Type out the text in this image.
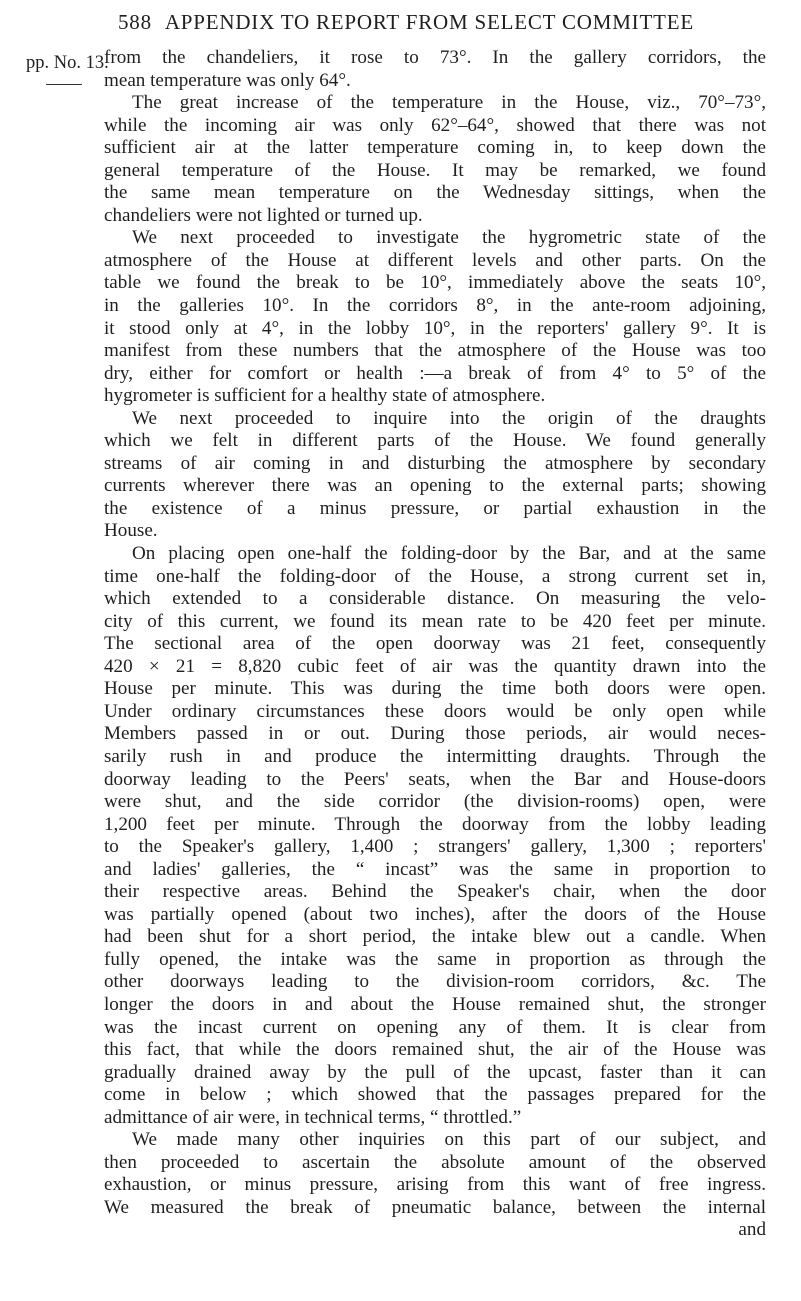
588 APPENDIX TO REPORT FROM SELECT COMMITTEE
pp. No. 13.
from the chandeliers, it rose to 73°. In the gallery corridors, the
mean temperature was only 64°.
The great increase of the temperature in the House, viz., 70°–73°,
while the incoming air was only 62°–64°, showed that there was not
sufficient air at the latter temperature coming in, to keep down the
general temperature of the House. It may be remarked, we found
the same mean temperature on the Wednesday sittings, when the
chandeliers were not lighted or turned up.
We next proceeded to investigate the hygrometric state of the
atmosphere of the House at different levels and other parts. On the
table we found the break to be 10°, immediately above the seats 10°,
in the galleries 10°. In the corridors 8°, in the ante-room adjoining,
it stood only at 4°, in the lobby 10°, in the reporters' gallery 9°. It is
manifest from these numbers that the atmosphere of the House was too
dry, either for comfort or health :—a break of from 4° to 5° of the
hygrometer is sufficient for a healthy state of atmosphere.
We next proceeded to inquire into the origin of the draughts
which we felt in different parts of the House. We found generally
streams of air coming in and disturbing the atmosphere by secondary
currents wherever there was an opening to the external parts; showing
the existence of a minus pressure, or partial exhaustion in the
House.
On placing open one-half the folding-door by the Bar, and at the same
time one-half the folding-door of the House, a strong current set in,
which extended to a considerable distance. On measuring the velo-
city of this current, we found its mean rate to be 420 feet per minute.
The sectional area of the open doorway was 21 feet, consequently
420 × 21 = 8,820 cubic feet of air was the quantity drawn into the
House per minute. This was during the time both doors were open.
Under ordinary circumstances these doors would be only open while
Members passed in or out. During those periods, air would neces-
sarily rush in and produce the intermitting draughts. Through the
doorway leading to the Peers' seats, when the Bar and House-doors
were shut, and the side corridor (the division-rooms) open, were
1,200 feet per minute. Through the doorway from the lobby leading
to the Speaker's gallery, 1,400 ; strangers' gallery, 1,300 ; reporters'
and ladies' galleries, the “ incast” was the same in proportion to
their respective areas. Behind the Speaker's chair, when the door
was partially opened (about two inches), after the doors of the House
had been shut for a short period, the intake blew out a candle. When
fully opened, the intake was the same in proportion as through the
other doorways leading to the division-room corridors, &c. The
longer the doors in and about the House remained shut, the stronger
was the incast current on opening any of them. It is clear from
this fact, that while the doors remained shut, the air of the House was
gradually drained away by the pull of the upcast, faster than it can
come in below ; which showed that the passages prepared for the
admittance of air were, in technical terms, “ throttled.”
We made many other inquiries on this part of our subject, and
then proceeded to ascertain the absolute amount of the observed
exhaustion, or minus pressure, arising from this want of free ingress.
We measured the break of pneumatic balance, between the internal
and
